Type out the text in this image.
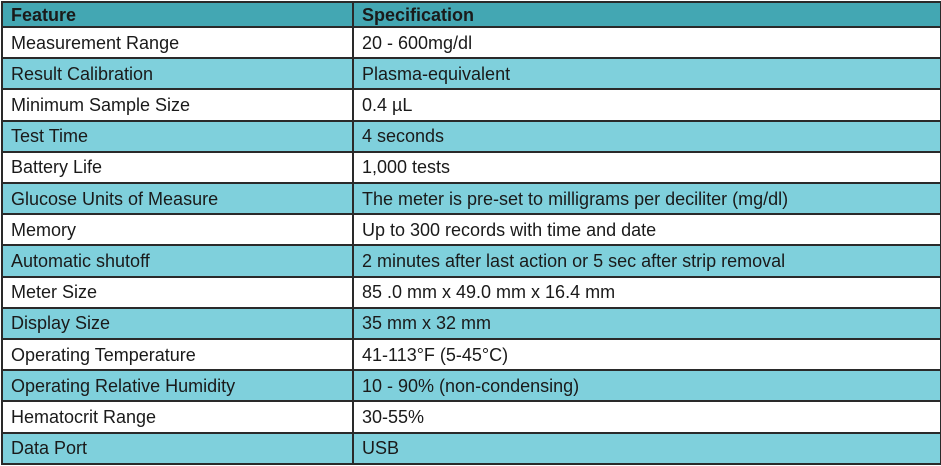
Feature	Specification
Measurement Range	20 - 600mg/dl
Result Calibration	Plasma-equivalent
Minimum Sample Size	0.4 µL
Test Time	4 seconds
Battery Life	1,000 tests
Glucose Units of Measure	The meter is pre-set to milligrams per deciliter (mg/dl)
Memory	Up to 300 records with time and date
Automatic shutoff	2 minutes after last action or 5 sec after strip removal
Meter Size	85 .0 mm x 49.0 mm x 16.4 mm
Display Size	35 mm x 32 mm
Operating Temperature	41-113°F (5-45°C)
Operating Relative Humidity	10 - 90% (non-condensing)
Hematocrit Range	30-55%
Data Port	USB
